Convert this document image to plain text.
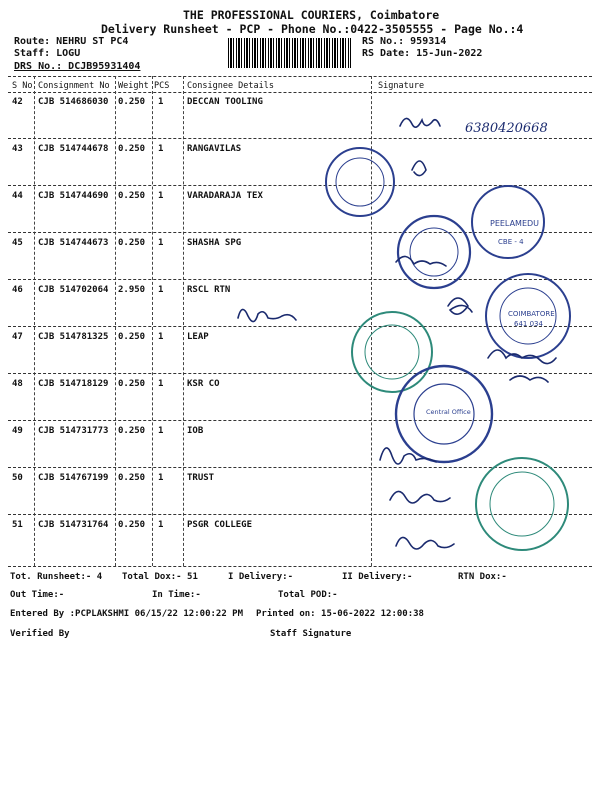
THE PROFESSIONAL COURIERS, Coimbatore
Delivery Runsheet - PCP - Phone No.:0422-3505555 - Page No.:4
Route: NEHRU ST PC4
Staff: LOGU
DRS No.: DCJB95931404
RS No.: 959314
RS Date: 15-Jun-2022
S No Consignment No Weight PCS Consignee Details	Signature
42 CJB 514686030 0.250 1	DECCAN TOOLING
43 CJB 514744678 0.250 1	RANGAVILAS
44 CJB 514744690 0.250 1	VARADARAJA TEX
45 CJB 514744673 0.250 1	SHASHA SPG
46 CJB 514702064 2.950 1	RSCL RTN
47 CJB 514781325 0.250 1	LEAP
48 CJB 514718129 0.250 1	KSR CO
49 CJB 514731773 0.250 1	IOB
50 CJB 514767199 0.250 1	TRUST
51 CJB 514731764 0.250 1	PSGR COLLEGE
6380420668
PEELAMEDU
CBE - 4
COIMBATORE
641 034
Central Office
Tot. Runsheet:- 4 Total Dox:- 51	I Delivery:-	II Delivery:-	RTN Dox:-
Out Time:-	In Time:-	Total POD:-
Entered By :PCPLAKSHMI 06/15/22 12:00:22 PM Printed on: 15-06-2022 12:00:38
Verified By	Staff Signature
